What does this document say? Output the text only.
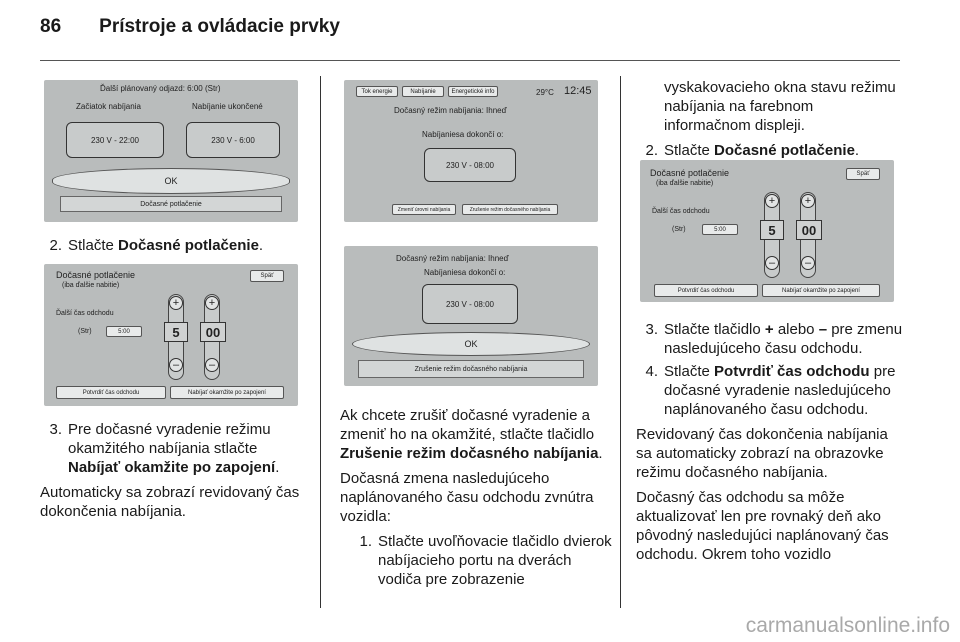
86 Prístroje a ovládacie prvky
Ďalší plánovaný odjazd: 6:00 (Str)
Začiatok nabíjania	Nabíjanie ukončené
230 V - 22:00	230 V - 6:00
OK
Dočasné potlačenie
2. Stlačte Dočasné potlačenie.
Dočasné potlačenie
(iba ďalšie nabitie)
Späť
Ďalší čas odchodu
(Str)	5:00
+
5
–
+
00
–
Potvrdiť čas odchodu	Nabíjať okamžite po zapojení
3. Pre dočasné vyradenie režimu okamžitého nabíjania stlačte Nabíjať okamžite po zapojení.

Automaticky sa zobrazí revidovaný čas dokončenia nabíjania.

Tok energie	Nabíjanie	Energetické info	29°C 12:45
Dočasný režim nabíjania: Ihneď
Nabíjaniesa dokončí o:
230 V - 08:00
Zmeniť úrovni nabíjania	Zrušenie režim dočasného nabíjania
Dočasný režim nabíjania: Ihneď
Nabíjaniesa dokončí o:
230 V - 08:00
OK
Zrušenie režim dočasného nabíjania

Ak chcete zrušiť dočasné vyradenie a zmeniť ho na okamžité, stlačte tlačidlo Zrušenie režim dočasného nabíjania.

Dočasná zmena nasledujúceho naplánovaného času odchodu zvnútra vozidla:

1. Stlačte uvoľňovacie tlačidlo dvierok nabíjacieho portu na dverách vodiča pre zobrazenie

vyskakovacieho okna stavu režimu nabíjania na farebnom informačnom displeji.

2. Stlačte Dočasné potlačenie.
Dočasné potlačenie
(iba ďalšie nabitie)
Späť
Ďalší čas odchodu
(Str)	5:00
+
5
–
+
00
–
Potvrdiť čas odchodu	Nabíjať okamžite po zapojení
3. Stlačte tlačidlo + alebo – pre zmenu nasledujúceho času odchodu.
4. Stlačte Potvrdiť čas odchodu pre dočasné vyradenie nasledujúceho naplánovaného času odchodu.

Revidovaný čas dokončenia nabíjania sa automaticky zobrazí na obrazovke režimu dočasného nabíjania.

Dočasný čas odchodu sa môže aktualizovať len pre rovnaký deň ako pôvodný nasledujúci naplánovaný čas odchodu. Okrem toho vozidlo

carmanualsonline.info
